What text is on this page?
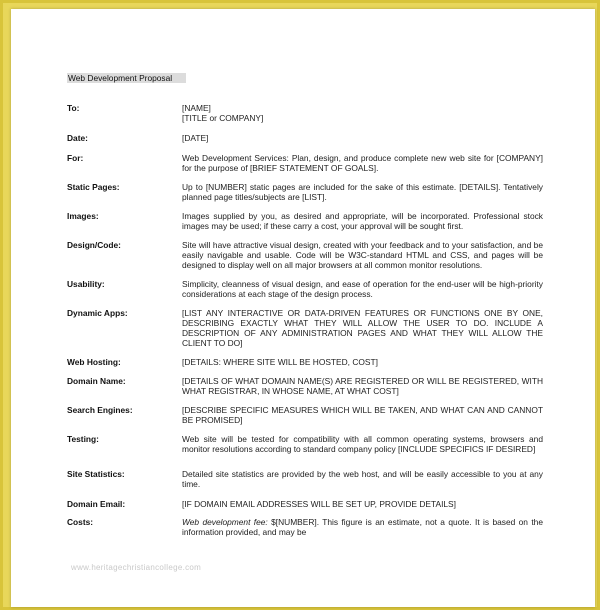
Web Development Proposal
To:	[NAME]

[TITLE or COMPANY]

Date:	[DATE]

For:	Web Development Services: Plan, design, and produce complete new web site for [COMPANY] for the purpose of [BRIEF STATEMENT OF GOALS].

Static Pages:	Up to [NUMBER] static pages are included for the sake of this estimate. [DETAILS]. Tentatively planned page titles/subjects are [LIST].

Images:	Images supplied by you, as desired and appropriate, will be incorporated. Professional stock images may be used; if these carry a cost, your approval will be sought first.

Design/Code:	Site will have attractive visual design, created with your feedback and to your satisfaction, and be easily navigable and usable. Code will be W3C-standard HTML and CSS, and pages will be designed to display well on all major browsers at all common monitor resolutions.

Usability:	Simplicity, cleanness of visual design, and ease of operation for the end-user will be high-priority considerations at each stage of the design process.

Dynamic Apps:	[LIST ANY INTERACTIVE OR DATA-DRIVEN FEATURES OR FUNCTIONS ONE BY ONE, DESCRIBING EXACTLY WHAT THEY WILL ALLOW THE USER TO DO. INCLUDE A DESCRIPTION OF ANY ADMINISTRATION PAGES AND WHAT THEY WILL ALLOW THE CLIENT TO DO]

Web Hosting:	[DETAILS: WHERE SITE WILL BE HOSTED, COST]

Domain Name:	[DETAILS OF WHAT DOMAIN NAME(S) ARE REGISTERED OR WILL BE REGISTERED, WITH WHAT REGISTRAR, IN WHOSE NAME, AT WHAT COST]

Search Engines:	[DESCRIBE SPECIFIC MEASURES WHICH WILL BE TAKEN, AND WHAT CAN AND CANNOT BE PROMISED]

Testing:	Web site will be tested for compatibility with all common operating systems, browsers and monitor resolutions according to standard company policy [INCLUDE SPECIFICS IF DESIRED]

Site Statistics:	Detailed site statistics are provided by the web host, and will be easily accessible to you at any time.

Domain Email:	[IF DOMAIN EMAIL ADDRESSES WILL BE SET UP, PROVIDE DETAILS]

Costs:	Web development fee: $[NUMBER]. This figure is an estimate, not a quote. It is based on the information provided, and may be

www.heritagechristiancollege.com
